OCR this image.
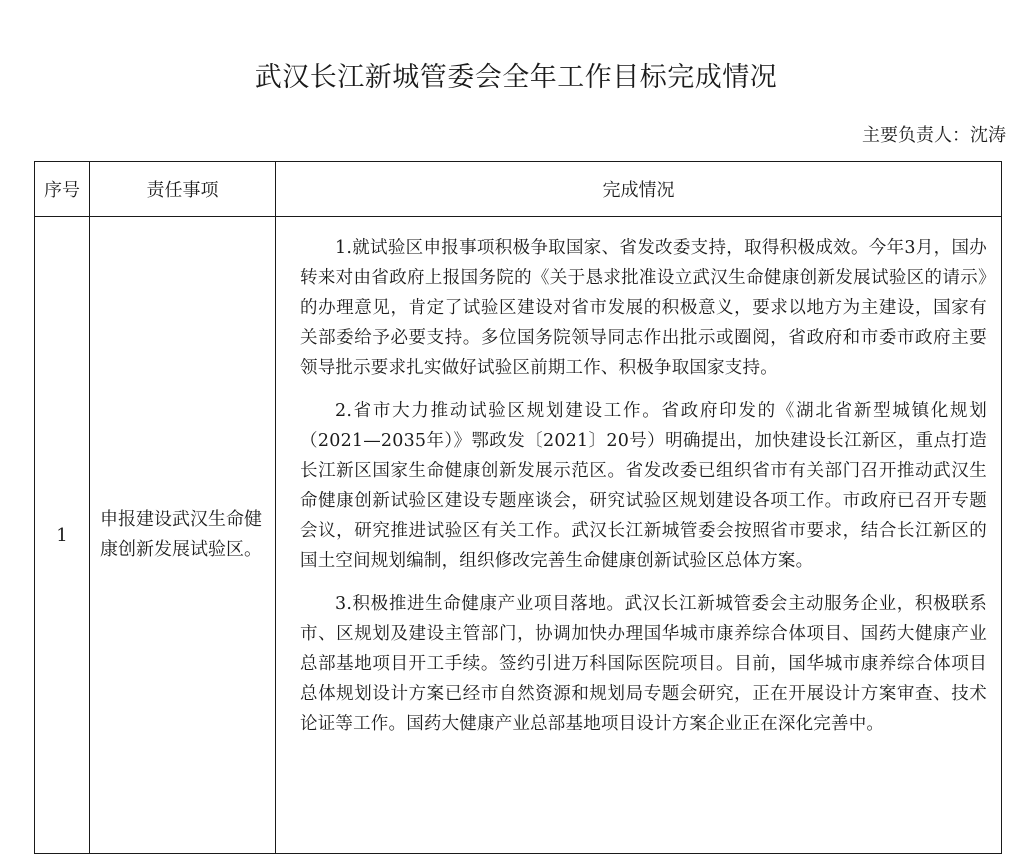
武汉长江新城管委会全年工作目标完成情况
主要负责人：沈涛
序号	责任事项	完成情况
1	申报建设武汉生命健康创新发展试验区。	1.就试验区申报事项积极争取国家、省发改委支持，取得积极成效。今年3月，国办转来对由省政府上报国务院的《关于恳求批准设立武汉生命健康创新发展试验区的请示》的办理意见，肯定了试验区建设对省市发展的积极意义，要求以地方为主建设，国家有关部委给予必要支持。多位国务院领导同志作出批示或圈阅，省政府和市委市政府主要领导批示要求扎实做好试验区前期工作、积极争取国家支持。

2.省市大力推动试验区规划建设工作。省政府印发的《湖北省新型城镇化规划（2021—2035年）》鄂政发〔2021〕20号）明确提出，加快建设长江新区，重点打造长江新区国家生命健康创新发展示范区。省发改委已组织省市有关部门召开推动武汉生命健康创新试验区建设专题座谈会，研究试验区规划建设各项工作。市政府已召开专题会议，研究推进试验区有关工作。武汉长江新城管委会按照省市要求，结合长江新区的国土空间规划编制，组织修改完善生命健康创新试验区总体方案。

3.积极推进生命健康产业项目落地。武汉长江新城管委会主动服务企业，积极联系市、区规划及建设主管部门，协调加快办理国华城市康养综合体项目、国药大健康产业总部基地项目开工手续。签约引进万科国际医院项目。目前，国华城市康养综合体项目总体规划设计方案已经市自然资源和规划局专题会研究，正在开展设计方案审查、技术论证等工作。国药大健康产业总部基地项目设计方案企业正在深化完善中。
